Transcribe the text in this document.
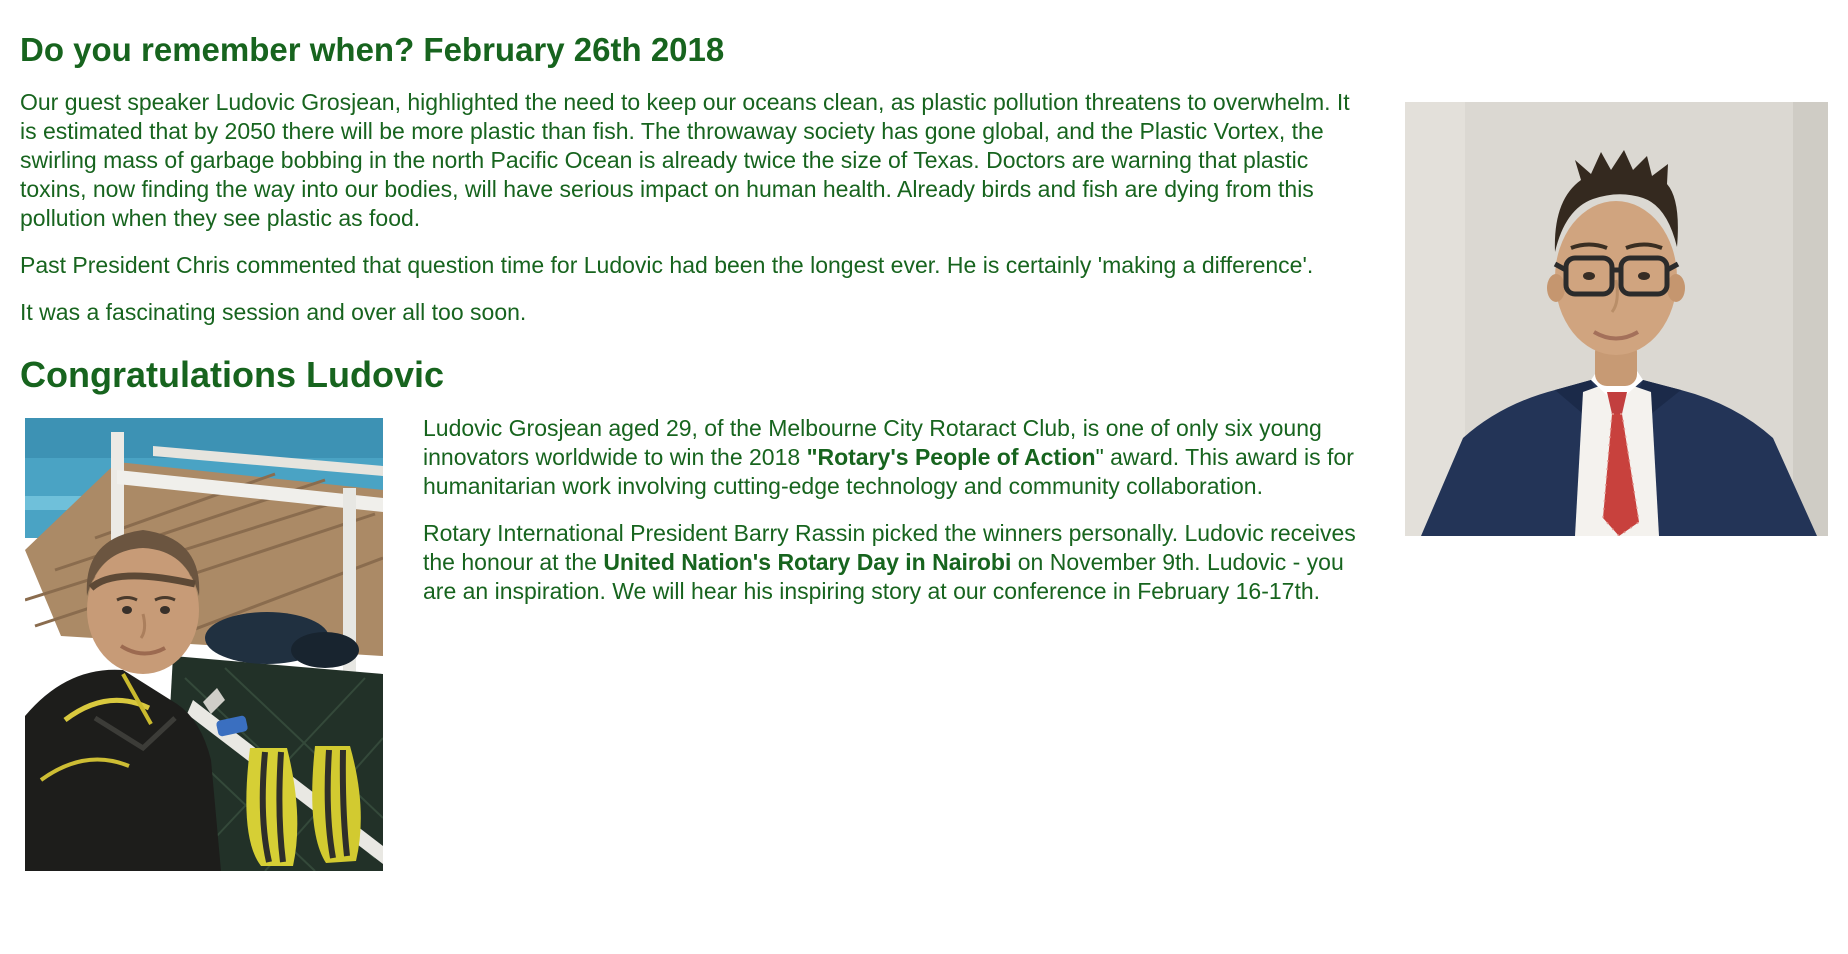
Do you remember when? February 26th 2018

Our guest speaker Ludovic Grosjean, highlighted the need to keep our oceans clean, as plastic pollution threatens to overwhelm. It is estimated that by 2050 there will be more plastic than fish. The throwaway society has gone global, and the Plastic Vortex, the swirling mass of garbage bobbing in the north Pacific Ocean is already twice the size of Texas. Doctors are warning that plastic toxins, now finding the way into our bodies, will have serious impact on human health. Already birds and fish are dying from this pollution when they see plastic as food.

Past President Chris commented that question time for Ludovic had been the longest ever. He is certainly 'making a difference'.

It was a fascinating session and over all too soon.

Congratulations Ludovic

Ludovic Grosjean aged 29, of the Melbourne City Rotaract Club, is one of only six young innovators worldwide to win the 2018 "Rotary's People of Action" award. This award is for humanitarian work involving cutting-edge technology and community collaboration.

Rotary International President Barry Rassin picked the winners personally. Ludovic receives the honour at the United Nation's Rotary Day in Nairobi on November 9th. Ludovic - you are an inspiration. We will hear his inspiring story at our conference in February 16-17th.
